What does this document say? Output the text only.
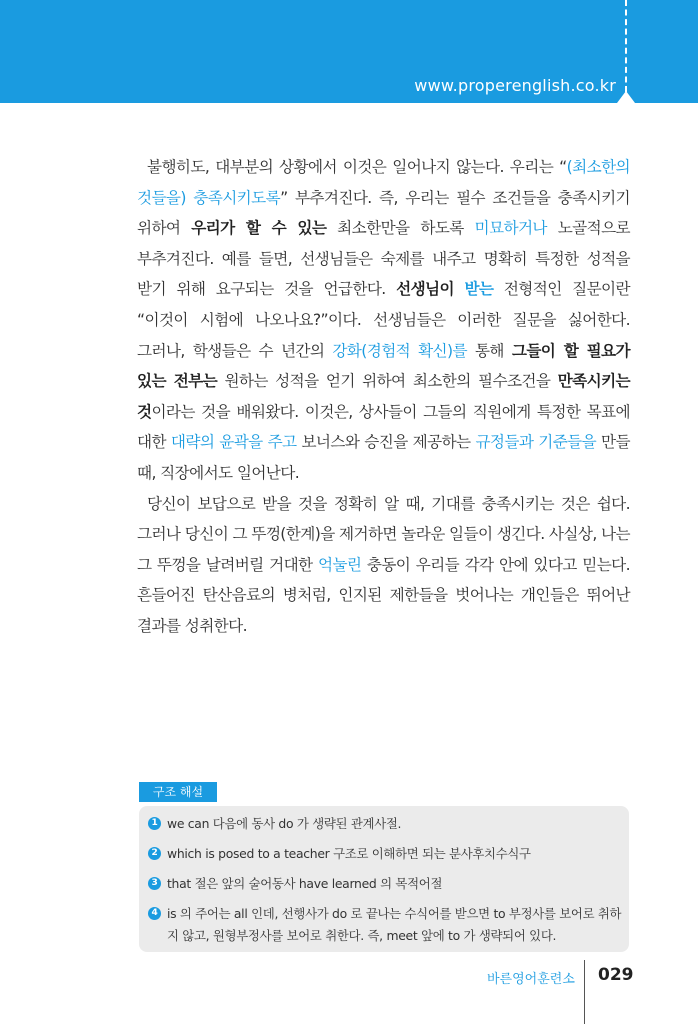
www.properenglish.co.kr

불행히도, 대부분의 상황에서 이것은 일어나지 않는다. 우리는 “(최소한의 것들을) 충족시키도록” 부추겨진다. 즉, 우리는 필수 조건들을 충족시키기 위하여 우리가 할 수 있는 최소한만을 하도록 미묘하거나 노골적으로 부추겨진다. 예를 들면, 선생님들은 숙제를 내주고 명확히 특정한 성적을 받기 위해 요구되는 것을 언급한다. 선생님이 받는 전형적인 질문이란 “이것이 시험에 나오나요?”이다. 선생님들은 이러한 질문을 싫어한다. 그러나, 학생들은 수 년간의 강화(경험적 확신)를 통해 그들이 할 필요가 있는 전부는 원하는 성적을 얻기 위하여 최소한의 필수조건을 만족시키는 것이라는 것을 배워왔다. 이것은, 상사들이 그들의 직원에게 특정한 목표에 대한 대략의 윤곽을 주고 보너스와 승진을 제공하는 규정들과 기준들을 만들 때, 직장에서도 일어난다.

당신이 보답으로 받을 것을 정확히 알 때, 기대를 충족시키는 것은 쉽다. 그러나 당신이 그 뚜껑(한계)을 제거하면 놀라운 일들이 생긴다. 사실상, 나는 그 뚜껑을 날려버릴 거대한 억눌린 충동이 우리들 각각 안에 있다고 믿는다. 흔들어진 탄산음료의 병처럼, 인지된 제한들을 벗어나는 개인들은 뛰어난 결과를 성취한다.

구조 해설
1 we can 다음에 동사 do 가 생략된 관계사절.
2 which is posed to a teacher 구조로 이해하면 되는 분사후치수식구
3 that 절은 앞의 술어동사 have learned 의 목적어절
4 is 의 주어는 all 인데, 선행사가 do 로 끝나는 수식어를 받으면 to 부정사를 보어로 취하지 않고, 원형부정사를 보어로 취한다. 즉, meet 앞에 to 가 생략되어 있다.
바른영어훈련소 029
